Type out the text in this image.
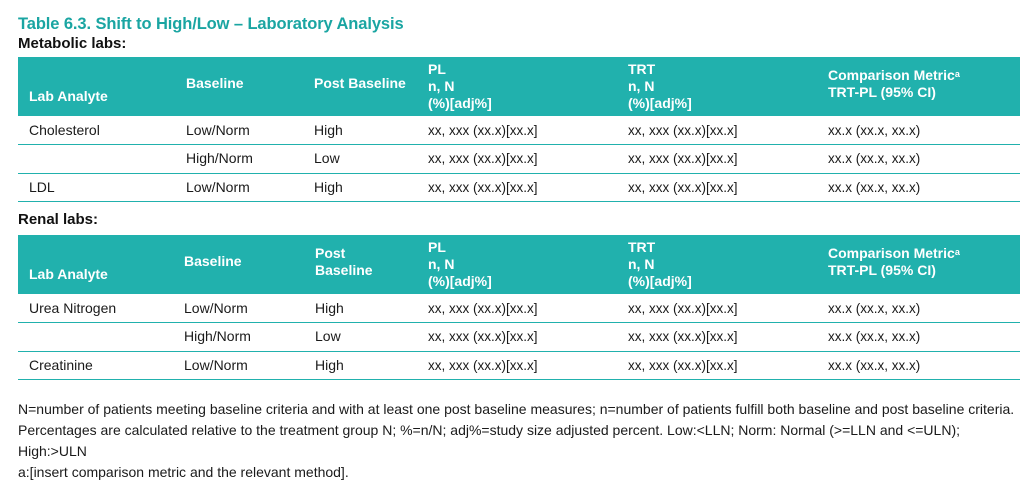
Table 6.3. Shift to High/Low – Laboratory Analysis
Metabolic labs:
Lab Analyte	Baseline	Post Baseline	PL
n, N
(%)[adj%]	TRT
n, N
(%)[adj%]	Comparison Metric$^a$
TRT-PL (95% CI)

Cholesterol	Low/Norm	High	xx, xxx (xx.x)[xx.x]	xx, xxx (xx.x)[xx.x]	xx.x (xx.x, xx.x)
	High/Norm	Low	xx, xxx (xx.x)[xx.x]	xx, xxx (xx.x)[xx.x]	xx.x (xx.x, xx.x)
LDL	Low/Norm	High	xx, xxx (xx.x)[xx.x]	xx, xxx (xx.x)[xx.x]	xx.x (xx.x, xx.x)
Renal labs:
Lab Analyte	Baseline	Post
Baseline	PL
n, N
(%)[adj%]	TRT
n, N
(%)[adj%]	Comparison Metric$^a$
TRT-PL (95% CI)

Urea Nitrogen	Low/Norm	High	xx, xxx (xx.x)[xx.x]	xx, xxx (xx.x)[xx.x]	xx.x (xx.x, xx.x)
	High/Norm	Low	xx, xxx (xx.x)[xx.x]	xx, xxx (xx.x)[xx.x]	xx.x (xx.x, xx.x)
Creatinine	Low/Norm	High	xx, xxx (xx.x)[xx.x]	xx, xxx (xx.x)[xx.x]	xx.x (xx.x, xx.x)
N=number of patients meeting baseline criteria and with at least one post baseline measures; n=number of patients fulfill both baseline and post baseline criteria. Percentages are calculated relative to the treatment group N; %=n/N; adj%=study size adjusted percent. Low:<LLN; Norm: Normal (>=LLN and <=ULN); High:>ULN
a:[insert comparison metric and the relevant method].
